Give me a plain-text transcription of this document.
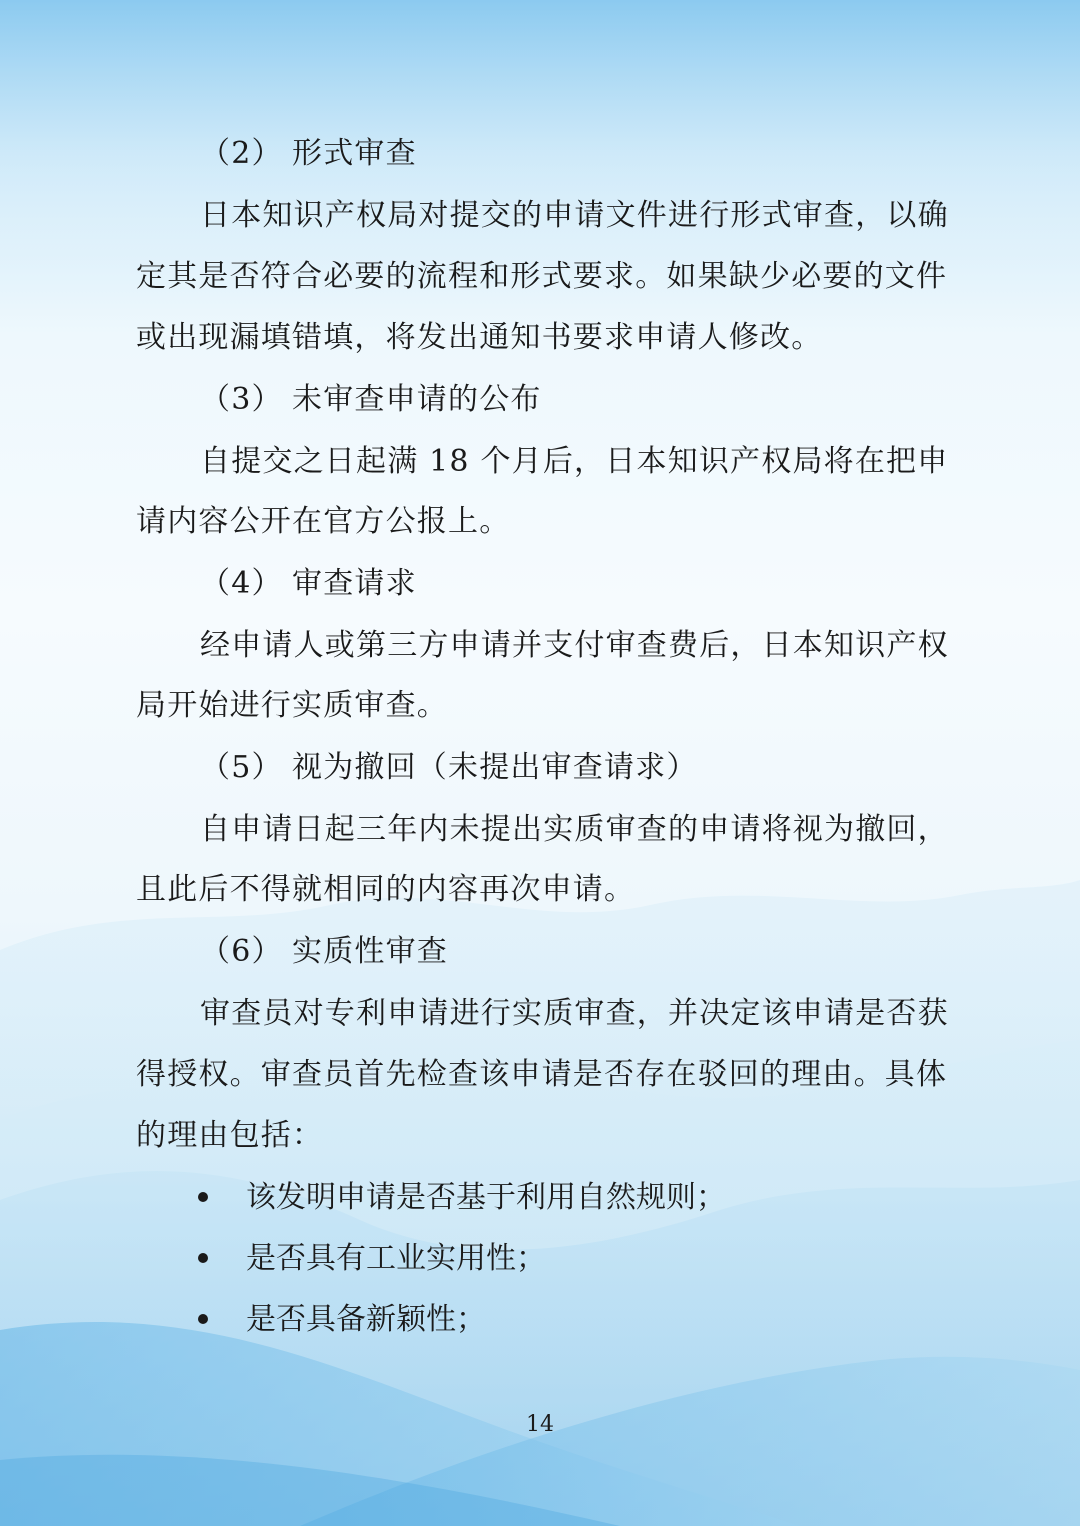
（2） 形式审查
日本知识产权局对提交的申请文件进行形式审查，以确
定其是否符合必要的流程和形式要求。如果缺少必要的文件
或出现漏填错填，将发出通知书要求申请人修改。
（3） 未审查申请的公布
自提交之日起满 18 个月后，日本知识产权局将在把申
请内容公开在官方公报上。
（4） 审查请求
经申请人或第三方申请并支付审查费后，日本知识产权
局开始进行实质审查。
（5） 视为撤回（未提出审查请求）
自申请日起三年内未提出实质审查的申请将视为撤回，
且此后不得就相同的内容再次申请。
（6） 实质性审查
审查员对专利申请进行实质审查，并决定该申请是否获
得授权。审查员首先检查该申请是否存在驳回的理由。具体
的理由包括：
该发明申请是否基于利用自然规则；
是否具有工业实用性；
是否具备新颖性；
14
